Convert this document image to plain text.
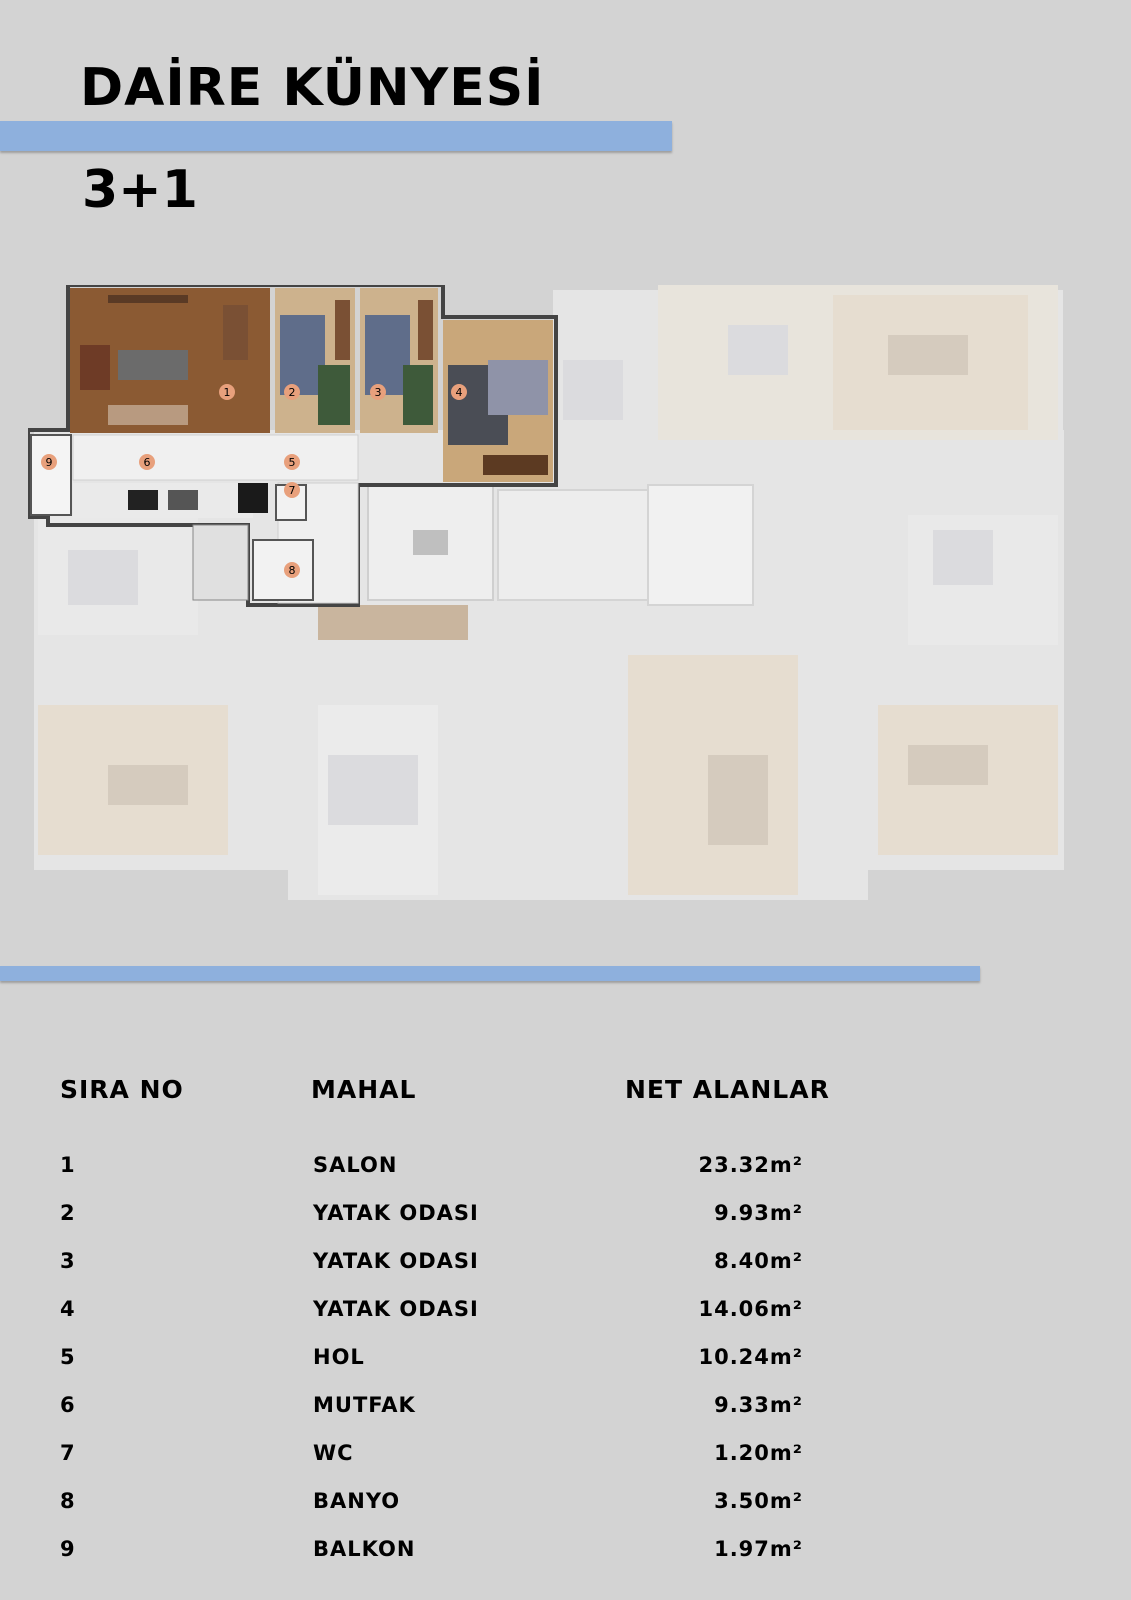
DAİRE KÜNYESİ
3+1
1	2	3	4
5
6
7
8
9
SIRA NO	MAHAL	NET ALANLAR
1	SALON	23.32m²
2	YATAK ODASI	9.93m²
3	YATAK ODASI	8.40m²
4	YATAK ODASI	14.06m²
5	HOL	10.24m²
6	MUTFAK	9.33m²
7	WC	1.20m²
8	BANYO	3.50m²
9	BALKON	1.97m²
